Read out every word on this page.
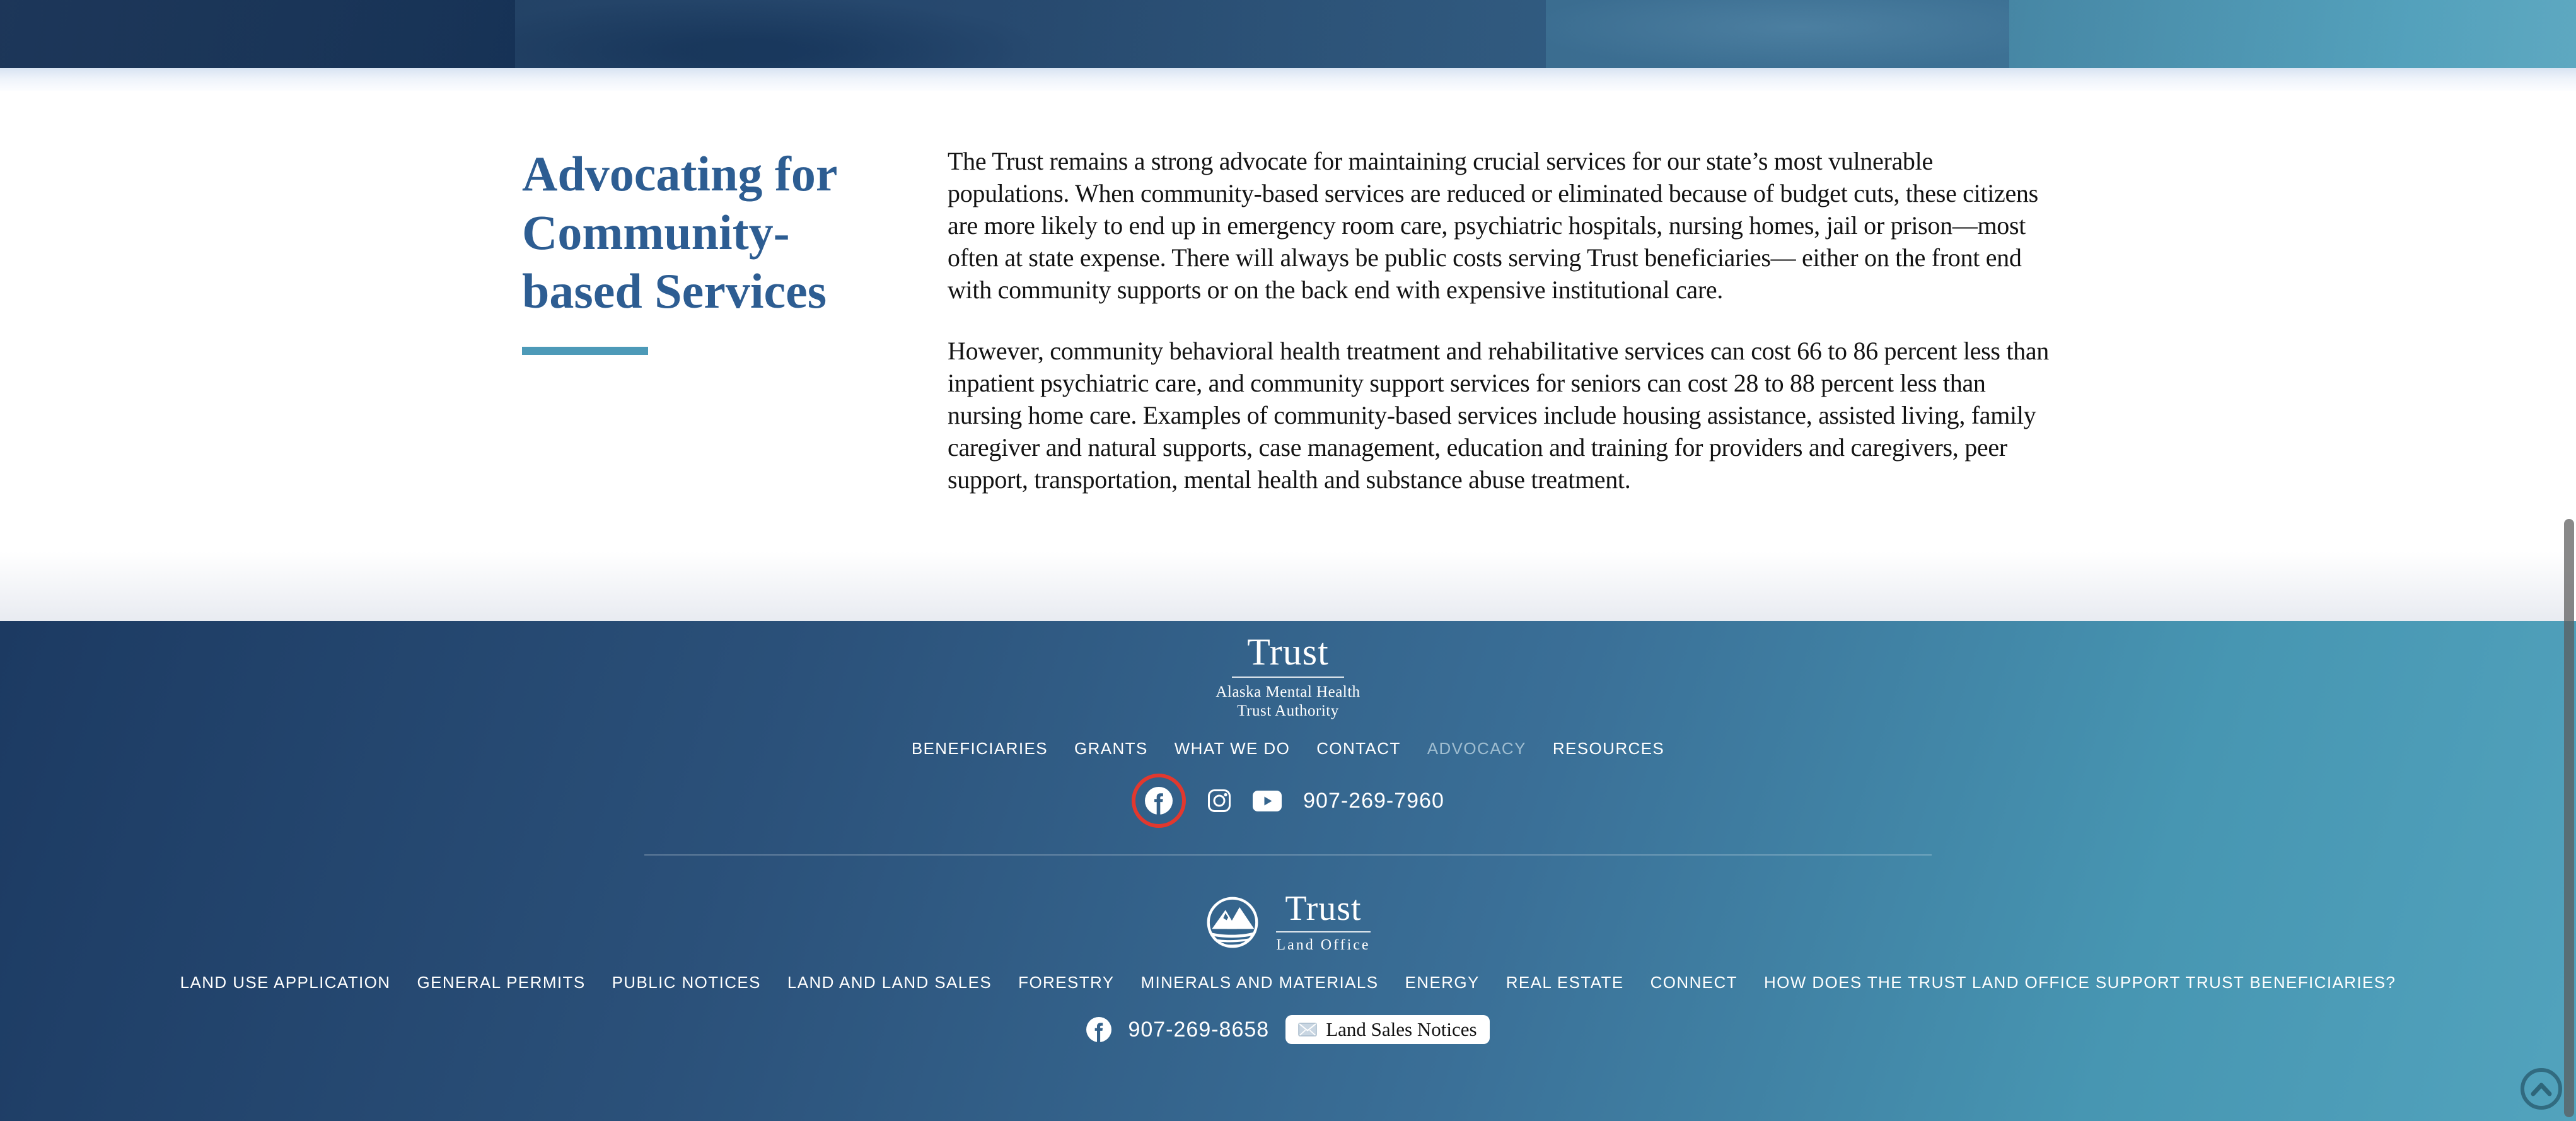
Advocating for Community-based Services

The Trust remains a strong advocate for maintaining crucial services for our state’s most vulnerable populations. When community-based services are reduced or eliminated because of budget cuts, these citizens are more likely to end up in emergency room care, psychiatric hospitals, nursing homes, jail or prison—most often at state expense. There will always be public costs serving Trust beneficiaries— either on the front end with community supports or on the back end with expensive institutional care.

However, community behavioral health treatment and rehabilitative services can cost 66 to 86 percent less than inpatient psychiatric care, and community support services for seniors can cost 28 to 88 percent less than nursing home care. Examples of community-based services include housing assistance, assisted living, family caregiver and natural supports, case management, education and training for providers and caregivers, peer support, transportation, mental health and substance abuse treatment.

Trust
Alaska Mental Health
Trust Authority
BENEFICIARIES GRANTS WHAT WE DO CONTACT ADVOCACY RESOURCES
907-269-7960
Trust
Land Office
LAND USE APPLICATION GENERAL PERMITS PUBLIC NOTICES LAND AND LAND SALES FORESTRY MINERALS AND MATERIALS ENERGY REAL ESTATE CONNECT HOW DOES THE TRUST LAND OFFICE SUPPORT TRUST BENEFICIARIES?
907-269-8658	Land Sales Notices
